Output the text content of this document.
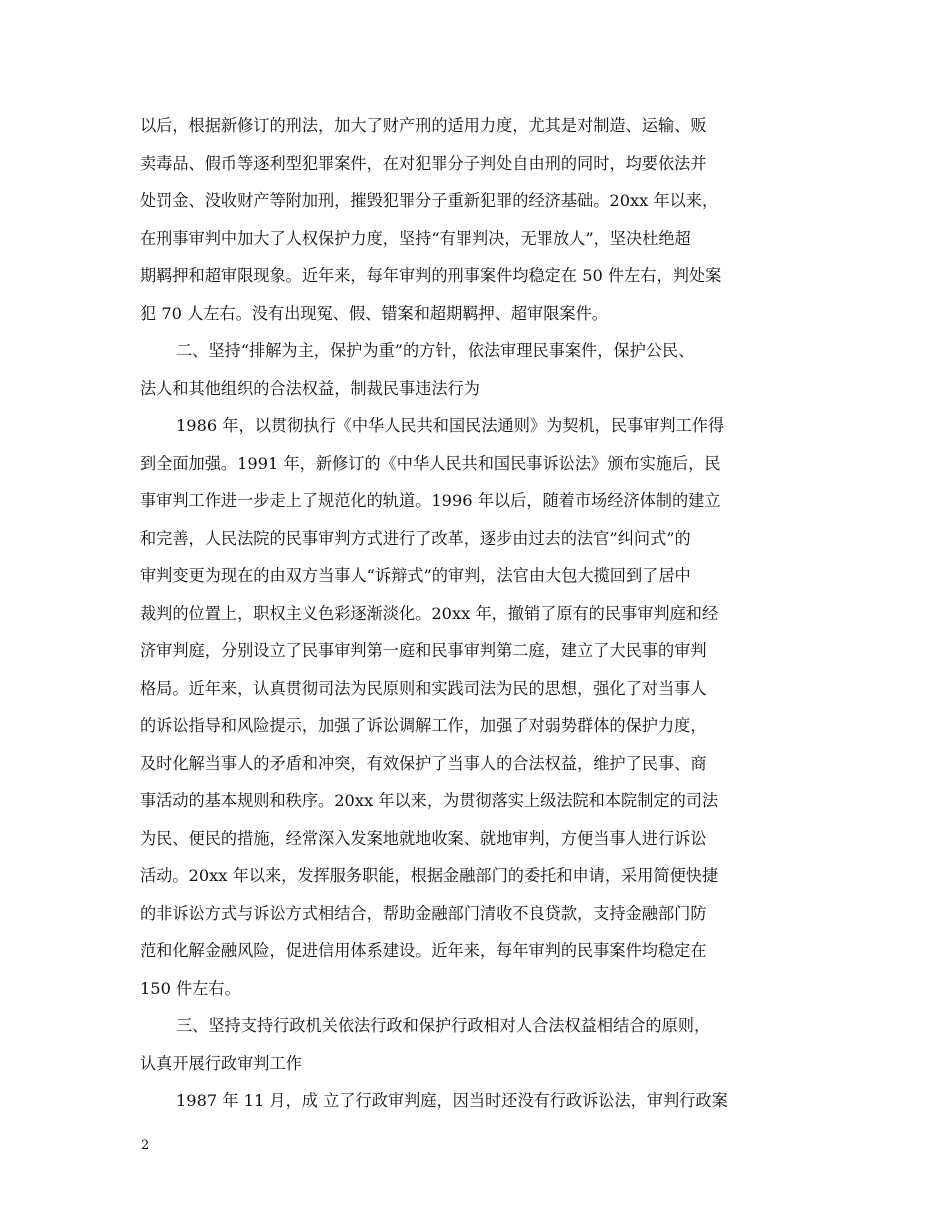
以后，根据新修订的刑法，加大了财产刑的适用力度，尤其是对制造、运输、贩
卖毒品、假币等逐利型犯罪案件，在对犯罪分子判处自由刑的同时，均要依法并
处罚金、没收财产等附加刑，摧毁犯罪分子重新犯罪的经济基础。20xx 年以来，
在刑事审判中加大了人权保护力度，坚持“有罪判决，无罪放人”，坚决杜绝超
期羁押和超审限现象。近年来，每年审判的刑事案件均稳定在 50 件左右，判处案
犯 70 人左右。没有出现冤、假、错案和超期羁押、超审限案件。
二、坚持“排解为主，保护为重”的方针，依法审理民事案件，保护公民、
法人和其他组织的合法权益，制裁民事违法行为
1986 年，以贯彻执行《中华人民共和国民法通则》为契机，民事审判工作得
到全面加强。1991 年，新修订的《中华人民共和国民事诉讼法》颁布实施后，民
事审判工作进一步走上了规范化的轨道。1996 年以后，随着市场经济体制的建立
和完善，人民法院的民事审判方式进行了改革，逐步由过去的法官”纠问式”的
审判变更为现在的由双方当事人“诉辩式”的审判，法官由大包大揽回到了居中
裁判的位置上，职权主义色彩逐渐淡化。20xx 年，撤销了原有的民事审判庭和经
济审判庭，分别设立了民事审判第一庭和民事审判第二庭，建立了大民事的审判
格局。近年来，认真贯彻司法为民原则和实践司法为民的思想，强化了对当事人
的诉讼指导和风险提示，加强了诉讼调解工作，加强了对弱势群体的保护力度，
及时化解当事人的矛盾和冲突，有效保护了当事人的合法权益，维护了民事、商
事活动的基本规则和秩序。20xx 年以来，为贯彻落实上级法院和本院制定的司法
为民、便民的措施，经常深入发案地就地收案、就地审判，方便当事人进行诉讼
活动。20xx 年以来，发挥服务职能，根据金融部门的委托和申请，采用简便快捷
的非诉讼方式与诉讼方式相结合，帮助金融部门清收不良贷款，支持金融部门防
范和化解金融风险，促进信用体系建设。近年来，每年审判的民事案件均稳定在
150 件左右。
三、坚持支持行政机关依法行政和保护行政相对人合法权益相结合的原则，
认真开展行政审判工作
1987 年 11 月，成 立了行政审判庭，因当时还没有行政诉讼法，审判行政案
2
